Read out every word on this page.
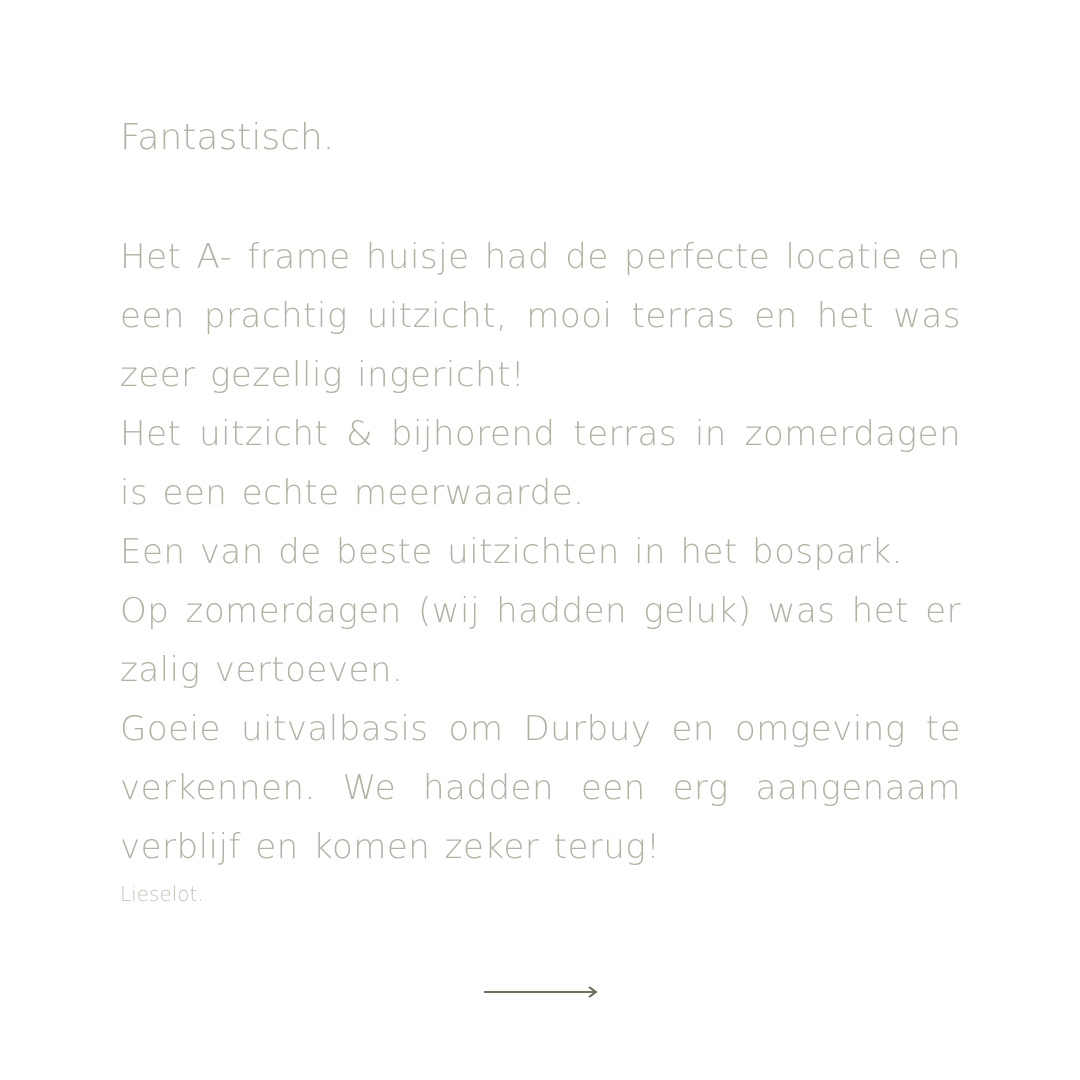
Fantastisch.

Het A- frame huisje had de perfecte locatie en een prachtig uitzicht, mooi terras en het was zeer gezellig ingericht!

Het uitzicht & bijhorend terras in zomerdagen is een echte meerwaarde.

Een van de beste uitzichten in het bospark.

Op zomerdagen (wij hadden geluk) was het er zalig vertoeven.

Goeie uitvalbasis om Durbuy en omgeving te verkennen. We hadden een erg aangenaam verblijf en komen zeker terug!

Lieselot.
